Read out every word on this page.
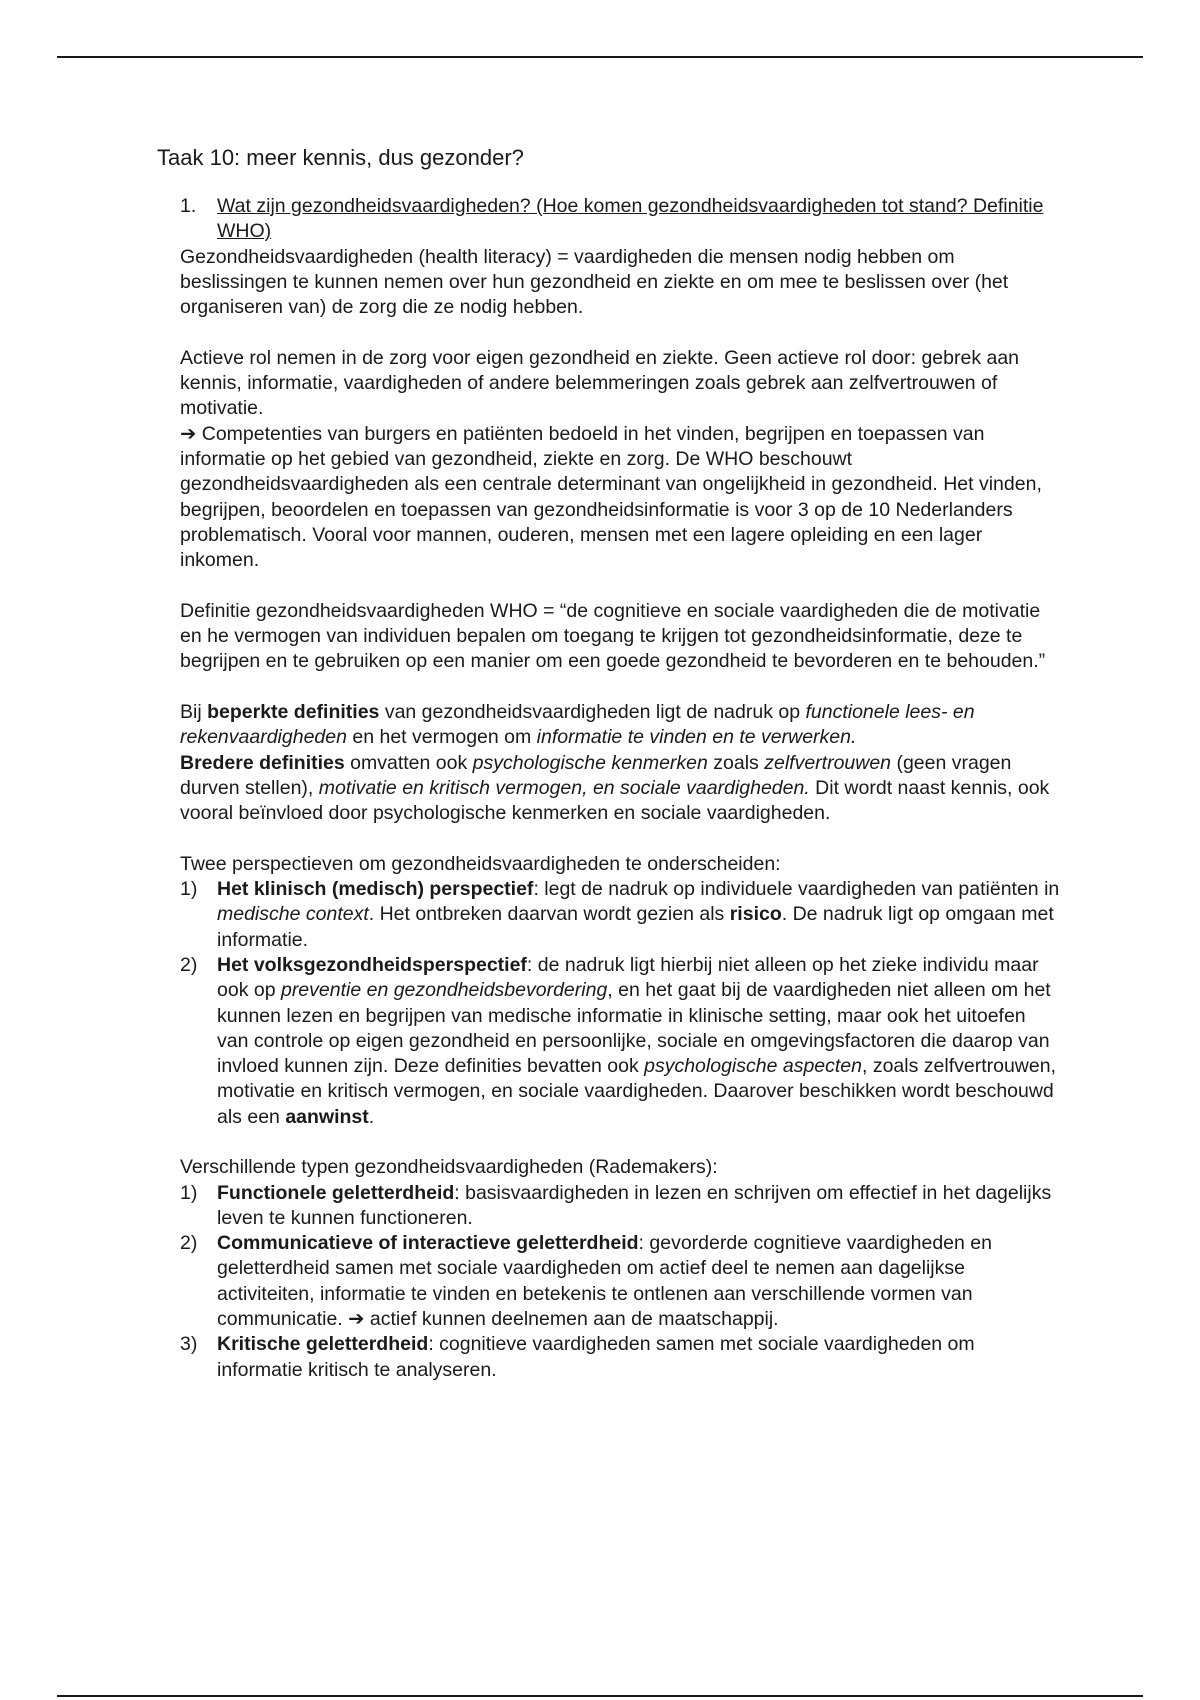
Taak 10: meer kennis, dus gezonder?
1. Wat zijn gezondheidsvaardigheden? (Hoe komen gezondheidsvaardigheden tot stand? Definitie WHO)

Gezondheidsvaardigheden (health literacy) = vaardigheden die mensen nodig hebben om beslissingen te kunnen nemen over hun gezondheid en ziekte en om mee te beslissen over (het organiseren van) de zorg die ze nodig hebben.

Actieve rol nemen in de zorg voor eigen gezondheid en ziekte. Geen actieve rol door: gebrek aan kennis, informatie, vaardigheden of andere belemmeringen zoals gebrek aan zelfvertrouwen of motivatie.

➔ Competenties van burgers en patiënten bedoeld in het vinden, begrijpen en toepassen van informatie op het gebied van gezondheid, ziekte en zorg. De WHO beschouwt gezondheidsvaardigheden als een centrale determinant van ongelijkheid in gezondheid. Het vinden, begrijpen, beoordelen en toepassen van gezondheidsinformatie is voor 3 op de 10 Nederlanders problematisch. Vooral voor mannen, ouderen, mensen met een lagere opleiding en een lager inkomen.

Definitie gezondheidsvaardigheden WHO = “de cognitieve en sociale vaardigheden die de motivatie en he vermogen van individuen bepalen om toegang te krijgen tot gezondheidsinformatie, deze te begrijpen en te gebruiken op een manier om een goede gezondheid te bevorderen en te behouden.”

Bij beperkte definities van gezondheidsvaardigheden ligt de nadruk op functionele lees- en rekenvaardigheden en het vermogen om informatie te vinden en te verwerken.
Bredere definities omvatten ook psychologische kenmerken zoals zelfvertrouwen (geen vragen durven stellen), motivatie en kritisch vermogen, en sociale vaardigheden. Dit wordt naast kennis, ook vooral beïnvloed door psychologische kenmerken en sociale vaardigheden.

Twee perspectieven om gezondheidsvaardigheden te onderscheiden:

1) Het klinisch (medisch) perspectief: legt de nadruk op individuele vaardigheden van patiënten in medische context. Het ontbreken daarvan wordt gezien als risico. De nadruk ligt op omgaan met informatie.
2) Het volksgezondheidsperspectief: de nadruk ligt hierbij niet alleen op het zieke individu maar ook op preventie en gezondheidsbevordering, en het gaat bij de vaardigheden niet alleen om het kunnen lezen en begrijpen van medische informatie in klinische setting, maar ook het uitoefen van controle op eigen gezondheid en persoonlijke, sociale en omgevingsfactoren die daarop van invloed kunnen zijn. Deze definities bevatten ook psychologische aspecten, zoals zelfvertrouwen, motivatie en kritisch vermogen, en sociale vaardigheden. Daarover beschikken wordt beschouwd als een aanwinst.

Verschillende typen gezondheidsvaardigheden (Rademakers):

1) Functionele geletterdheid: basisvaardigheden in lezen en schrijven om effectief in het dagelijks leven te kunnen functioneren.
2) Communicatieve of interactieve geletterdheid: gevorderde cognitieve vaardigheden en geletterdheid samen met sociale vaardigheden om actief deel te nemen aan dagelijkse activiteiten, informatie te vinden en betekenis te ontlenen aan verschillende vormen van communicatie. ➔ actief kunnen deelnemen aan de maatschappij.
3) Kritische geletterdheid: cognitieve vaardigheden samen met sociale vaardigheden om informatie kritisch te analyseren.
